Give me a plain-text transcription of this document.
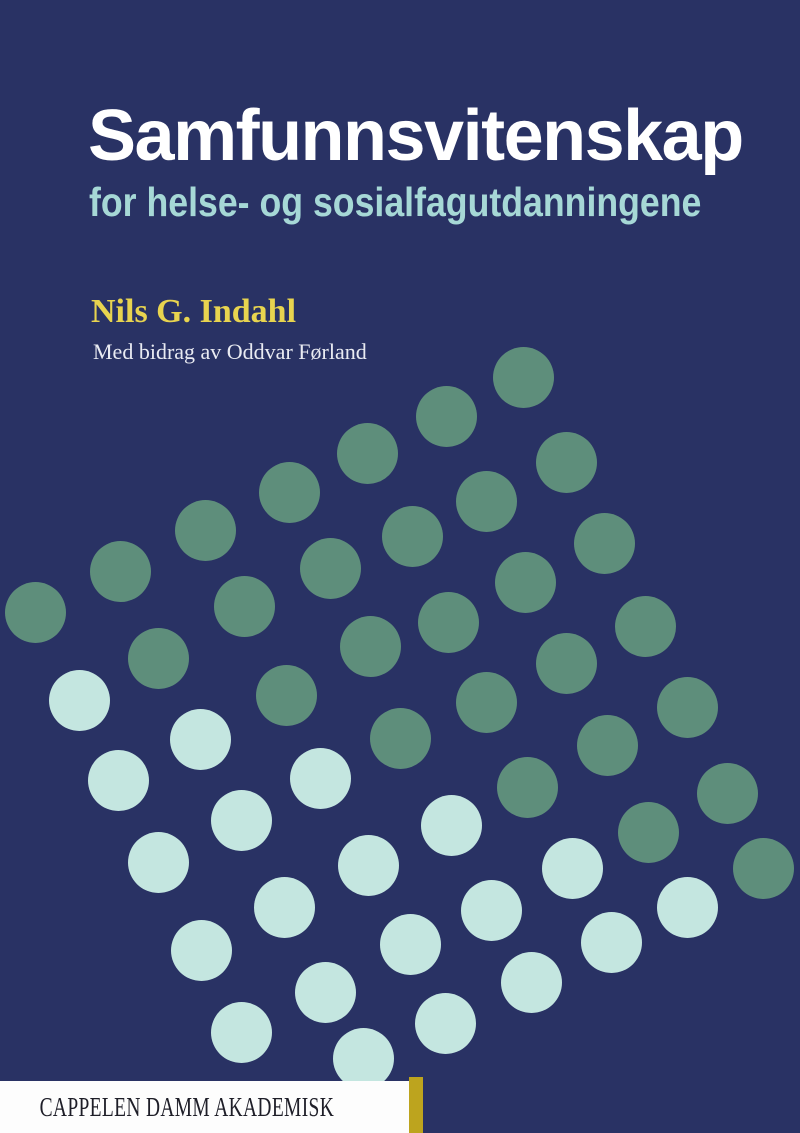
Samfunnsvitenskap
for helse- og sosialfagutdanningene
Nils G. Indahl
Med bidrag av Oddvar Førland
CAPPELEN DAMM AKADEMISK
